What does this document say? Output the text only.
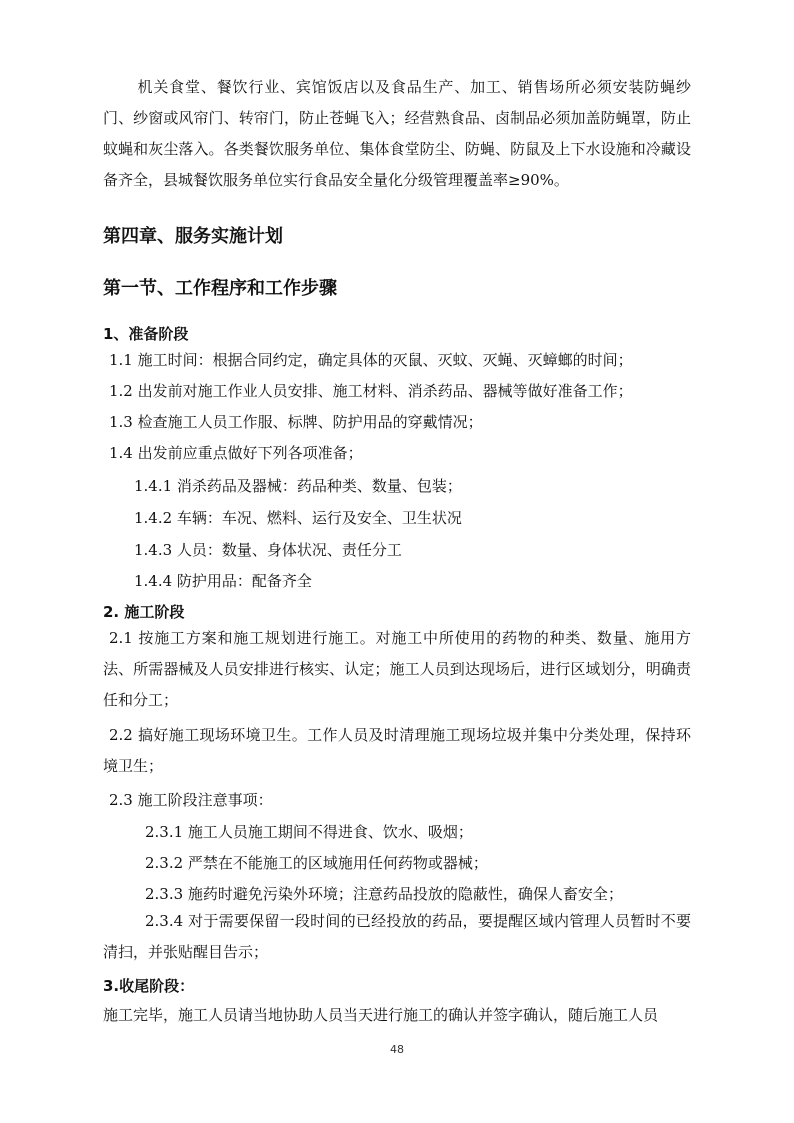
机关食堂、餐饮行业、宾馆饭店以及食品生产、加工、销售场所必须安装防蝇纱门、纱窗或风帘门、转帘门，防止苍蝇飞入；经营熟食品、卤制品必须加盖防蝇罩，防止蚊蝇和灰尘落入。各类餐饮服务单位、集体食堂防尘、防蝇、防鼠及上下水设施和冷藏设备齐全，县城餐饮服务单位实行食品安全量化分级管理覆盖率≥90%。

第四章、服务实施计划
第一节、工作程序和工作步骤
1、准备阶段
1.1 施工时间：根据合同约定，确定具体的灭鼠、灭蚊、灭蝇、灭蟑螂的时间；
1.2 出发前对施工作业人员安排、施工材料、消杀药品、器械等做好准备工作；
1.3 检查施工人员工作服、标牌、防护用品的穿戴情况；
1.4 出发前应重点做好下列各项准备；
1.4.1 消杀药品及器械：药品种类、数量、包装；
1.4.2 车辆：车况、燃料、运行及安全、卫生状况
1.4.3 人员：数量、身体状况、责任分工
1.4.4 防护用品：配备齐全
2. 施工阶段

2.1 按施工方案和施工规划进行施工。对施工中所使用的药物的种类、数量、施用方法、所需器械及人员安排进行核实、认定；施工人员到达现场后，进行区域划分，明确责任和分工；

2.2 搞好施工现场环境卫生。工作人员及时清理施工现场垃圾并集中分类处理，保持环境卫生；

2.3 施工阶段注意事项：
2.3.1 施工人员施工期间不得进食、饮水、吸烟；
2.3.2 严禁在不能施工的区域施用任何药物或器械；
2.3.3 施药时避免污染外环境；注意药品投放的隐蔽性，确保人畜安全；

2.3.4 对于需要保留一段时间的已经投放的药品，要提醒区域内管理人员暂时不要清扫，并张贴醒目告示；

3.收尾阶段：
施工完毕，施工人员请当地协助人员当天进行施工的确认并签字确认，随后施工人员
48
